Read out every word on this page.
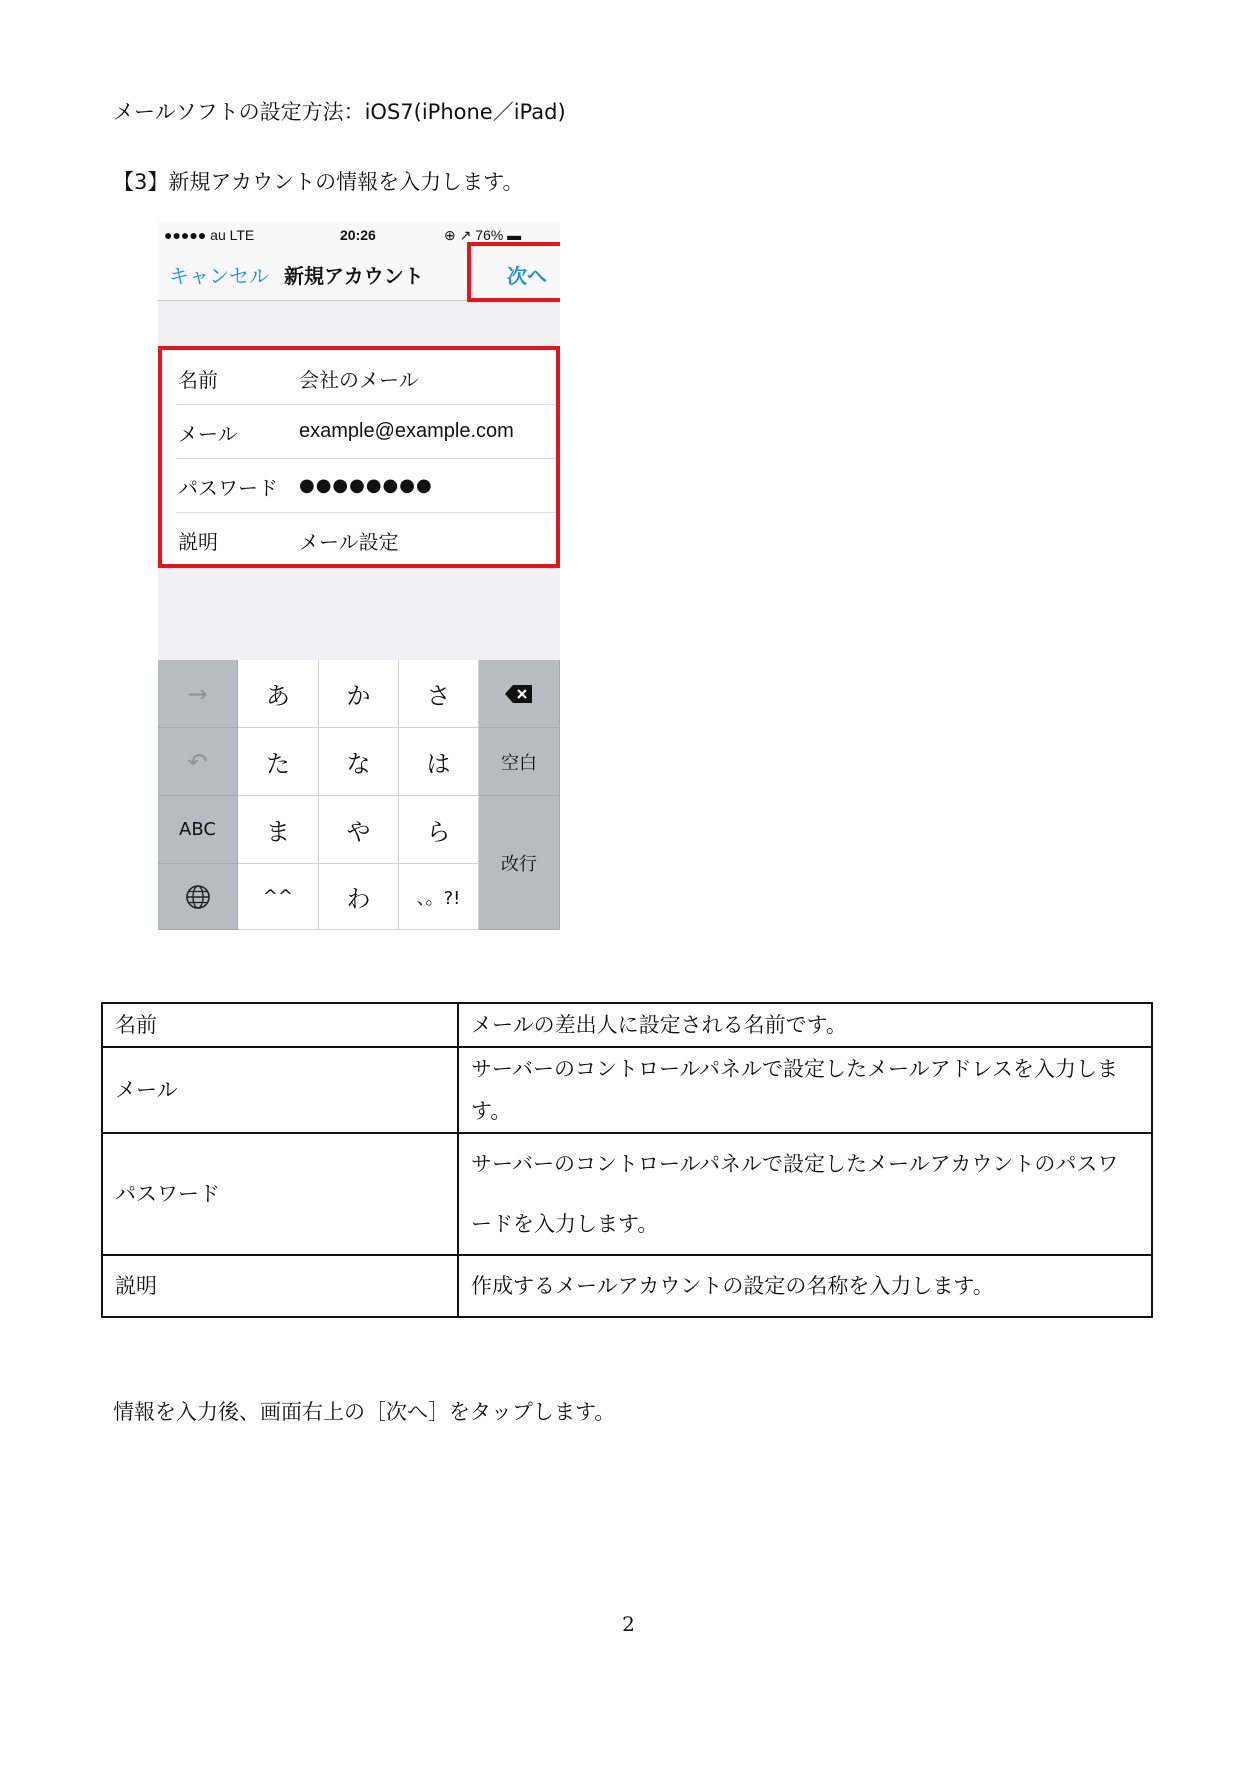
メールソフトの設定方法：iOS7(iPhone／iPad)
【3】新規アカウントの情報を入力します。
●●●●● au LTE	20:26	⊕ ↗ 76% ▬
キャンセル 新規アカウント	次へ
名前	会社のメール
メール	example@example.com
パスワード ●●●●●●●●
説明	メール設定
→	あ	か	さ
↶	た	な	は	空白
ABC	ま	や	ら
改行
^^	わ	、。?!
名前	メールの差出人に設定される名前です。
メール	サーバーのコントロールパネルで設定したメールアドレスを入力します。
パスワード	サーバーのコントロールパネルで設定したメールアカウントのパスワードを入力します。
説明	作成するメールアカウントの設定の名称を入力します。
情報を入力後、画面右上の［次へ］をタップします。
2
